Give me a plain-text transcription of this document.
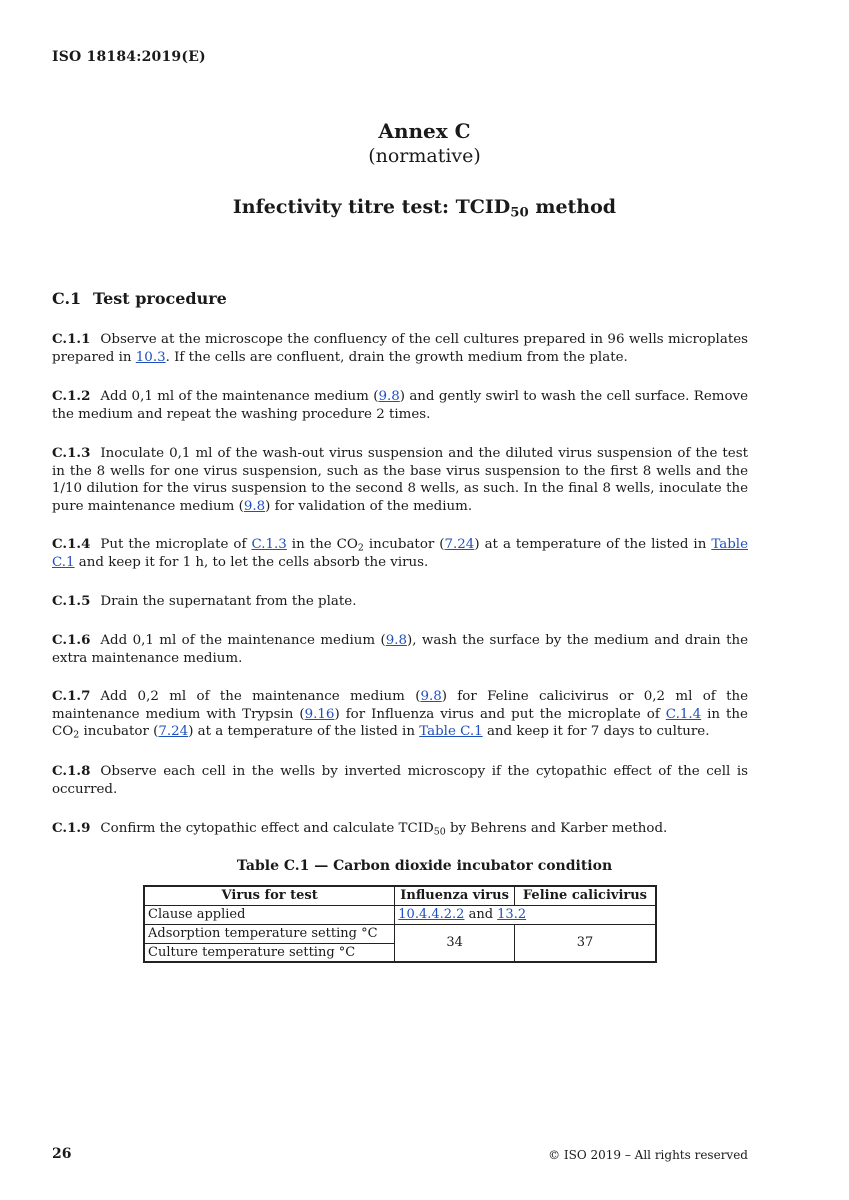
ISO 18184:2019(E)
Annex C
(normative)
Infectivity titre test: $TCID_{50}$ method
C.1 Test procedure
C.1.1 Observe at the microscope the confluency of the cell cultures prepared in 96 wells microplates prepared in 10.3. If the cells are confluent, drain the growth medium from the plate.
C.1.2 Add 0,1 ml of the maintenance medium (9.8) and gently swirl to wash the cell surface. Remove the medium and repeat the washing procedure 2 times.
C.1.3 Inoculate 0,1 ml of the wash-out virus suspension and the diluted virus suspension of the test in the 8 wells for one virus suspension, such as the base virus suspension to the first 8 wells and the 1/10 dilution for the virus suspension to the second 8 wells, as such. In the final 8 wells, inoculate the pure maintenance medium (9.8) for validation of the medium.
C.1.4 Put the microplate of C.1.3 in the $CO_2$ incubator (7.24) at a temperature of the listed in Table C.1 and keep it for 1 h, to let the cells absorb the virus.
C.1.5 Drain the supernatant from the plate.
C.1.6 Add 0,1 ml of the maintenance medium (9.8), wash the surface by the medium and drain the extra maintenance medium.
C.1.7 Add 0,2 ml of the maintenance medium (9.8) for Feline calicivirus or 0,2 ml of the maintenance medium with Trypsin (9.16) for Influenza virus and put the microplate of C.1.4 in the $CO_2$ incubator (7.24) at a temperature of the listed in Table C.1 and keep it for 7 days to culture.
C.1.8 Observe each cell in the wells by inverted microscopy if the cytopathic effect of the cell is occurred.
C.1.9 Confirm the cytopathic effect and calculate $TCID_{50}$ by Behrens and Karber method.
Table C.1 — Carbon dioxide incubator condition
Virus for test	Influenza virus	Feline calicivirus
Clause applied	10.4.4.2.2 and 13.2	
Adsorption temperature setting °C	34	37
Culture temperature setting °C		
26	© ISO 2019 – All rights reserved
